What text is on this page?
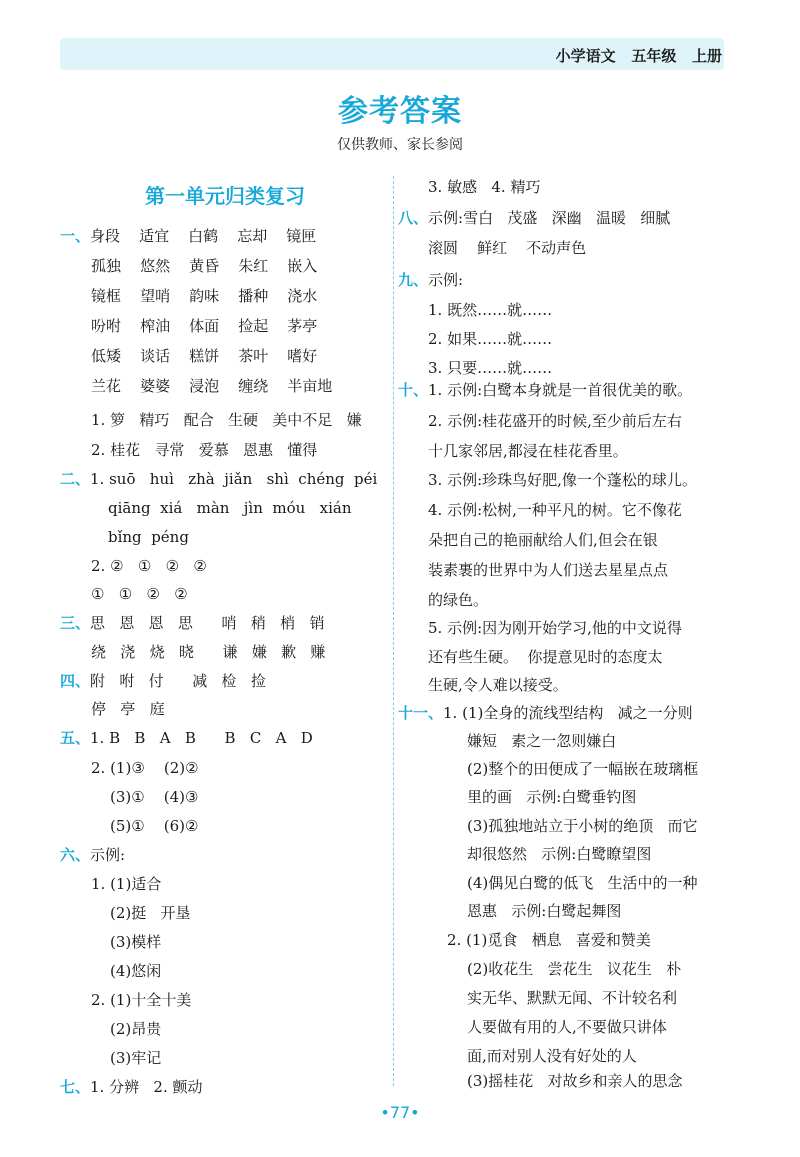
小学语文   五年级   上册
参考答案
仅供教师、家长参阅
第一单元归类复习
一、身段    适宜    白鹤    忘却    镜匣
孤独    悠然    黄昏    朱红    嵌入
镜框    望哨    韵味    播种    浇水
吩咐    榨油    体面    捡起    茅亭
低矮    谈话    糕饼    茶叶    嗜好
兰花    婆婆    浸泡    缠绕    半亩地
1. 箩   精巧   配合   生硬   美中不足   嫌
2. 桂花   寻常   爱慕   恩惠   懂得
二、1. suō   huì   zhà  jiǎn   shì  chéng  péi
qiāng  xiá   màn   jìn  móu   xián
bǐng  péng
2. ②   ①   ②   ②
①   ①   ②   ②
三、思   恩   恩   思      哨   稍   梢   销
绕   浇   烧   晓      谦   嫌   歉   赚
四、附   咐   付      减   检   捡
停   亭   庭
五、1. B   B   A   B      B   C   A   D
2. (1)③    (2)②
(3)①    (4)③
(5)①    (6)②
六、示例:
1. (1)适合
(2)挺   开垦
(3)模样
(4)悠闲
2. (1)十全十美
(2)昂贵
(3)牢记
七、1. 分辨   2. 颤动
3. 敏感   4. 精巧
八、示例:雪白   茂盛   深幽   温暖   细腻
滚圆    鲜红    不动声色
九、示例:
1. 既然……就……
2. 如果……就……
3. 只要……就……
十、1. 示例:白鹭本身就是一首很优美的歌。
2. 示例:桂花盛开的时候,至少前后左右
十几家邻居,都浸在桂花香里。
3. 示例:珍珠鸟好肥,像一个蓬松的球儿。
4. 示例:松树,一种平凡的树。它不像花
朵把自己的艳丽献给人们,但会在银
装素裹的世界中为人们送去星星点点
的绿色。
5. 示例:因为刚开始学习,他的中文说得
还有些生硬。  你提意见时的态度太
生硬,令人难以接受。
十一、1. (1)全身的流线型结构   减之一分则
嫌短   素之一忽则嫌白
(2)整个的田便成了一幅嵌在玻璃框
里的画   示例:白鹭垂钓图
(3)孤独地站立于小树的绝顶   而它
却很悠然   示例:白鹭瞭望图
(4)偶见白鹭的低飞   生活中的一种
恩惠   示例:白鹭起舞图
2. (1)觅食   栖息   喜爱和赞美
(2)收花生   尝花生   议花生   朴
实无华、默默无闻、不计较名利
人要做有用的人,不要做只讲体
面,而对别人没有好处的人
(3)摇桂花   对故乡和亲人的思念
•77•
